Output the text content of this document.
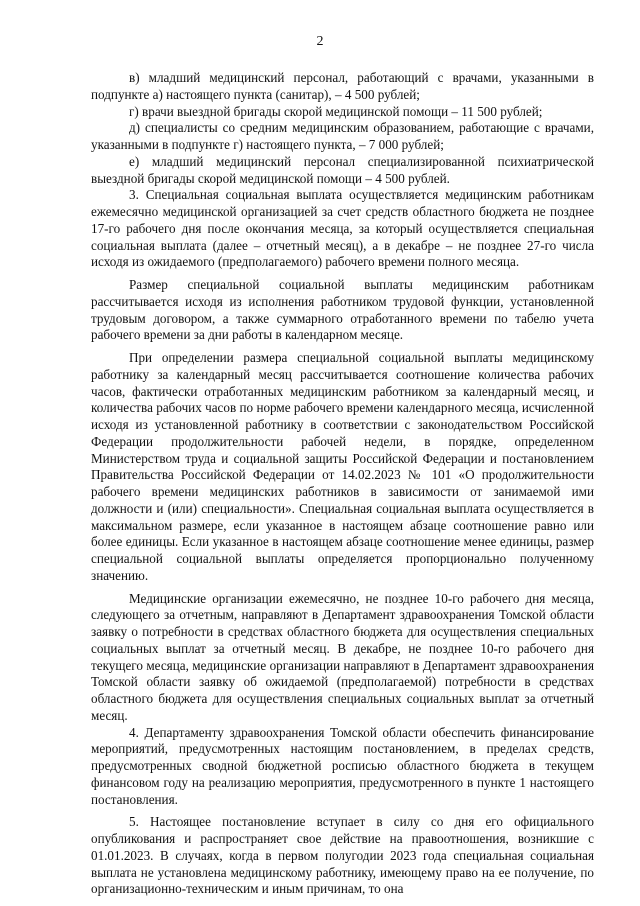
2

в) младший медицинский персонал, работающий с врачами, указанными в подпункте а) настоящего пункта (санитар), – 4 500 рублей;

г) врачи выездной бригады скорой медицинской помощи – 11 500 рублей;

д) специалисты со средним медицинским образованием, работающие с врачами, указанными в подпункте г) настоящего пункта, – 7 000 рублей;

е) младший медицинский персонал специализированной психиатрической выездной бригады скорой медицинской помощи – 4 500 рублей.

3. Специальная социальная выплата осуществляется медицинским работникам ежемесячно медицинской организацией за счет средств областного бюджета не позднее 17-го рабочего дня после окончания месяца, за который осуществляется специальная социальная выплата (далее – отчетный месяц), а в декабре – не позднее 27-го числа исходя из ожидаемого (предполагаемого) рабочего времени полного месяца.

Размер специальной социальной выплаты медицинским работникам рассчитывается исходя из исполнения работником трудовой функции, установленной трудовым договором, а также суммарного отработанного времени по табелю учета рабочего времени за дни работы в календарном месяце.

При определении размера специальной социальной выплаты медицинскому работнику за календарный месяц рассчитывается соотношение количества рабочих часов, фактически отработанных медицинским работником за календарный месяц, и количества рабочих часов по норме рабочего времени календарного месяца, исчисленной исходя из установленной работнику в соответствии с законодательством Российской Федерации продолжительности рабочей недели, в порядке, определенном Министерством труда и социальной защиты Российской Федерации и постановлением Правительства Российской Федерации от 14.02.2023 № 101 «О продолжительности рабочего времени медицинских работников в зависимости от занимаемой ими должности и (или) специальности». Специальная социальная выплата осуществляется в максимальном размере, если указанное в настоящем абзаце соотношение равно или более единицы. Если указанное в настоящем абзаце соотношение менее единицы, размер специальной социальной выплаты определяется пропорционально полученному значению.

Медицинские организации ежемесячно, не позднее 10-го рабочего дня месяца, следующего за отчетным, направляют в Департамент здравоохранения Томской области заявку о потребности в средствах областного бюджета для осуществления специальных социальных выплат за отчетный месяц. В декабре, не позднее 10-го рабочего дня текущего месяца, медицинские организации направляют в Департамент здравоохранения Томской области заявку об ожидаемой (предполагаемой) потребности в средствах областного бюджета для осуществления специальных социальных выплат за отчетный месяц.

4. Департаменту здравоохранения Томской области обеспечить финансирование мероприятий, предусмотренных настоящим постановлением, в пределах средств, предусмотренных сводной бюджетной росписью областного бюджета в текущем финансовом году на реализацию мероприятия, предусмотренного в пункте 1 настоящего постановления.

5. Настоящее постановление вступает в силу со дня его официального опубликования и распространяет свое действие на правоотношения, возникшие с 01.01.2023. В случаях, когда в первом полугодии 2023 года специальная социальная выплата не установлена медицинскому работнику, имеющему право на ее получение, по организационно-техническим и иным причинам, то она
